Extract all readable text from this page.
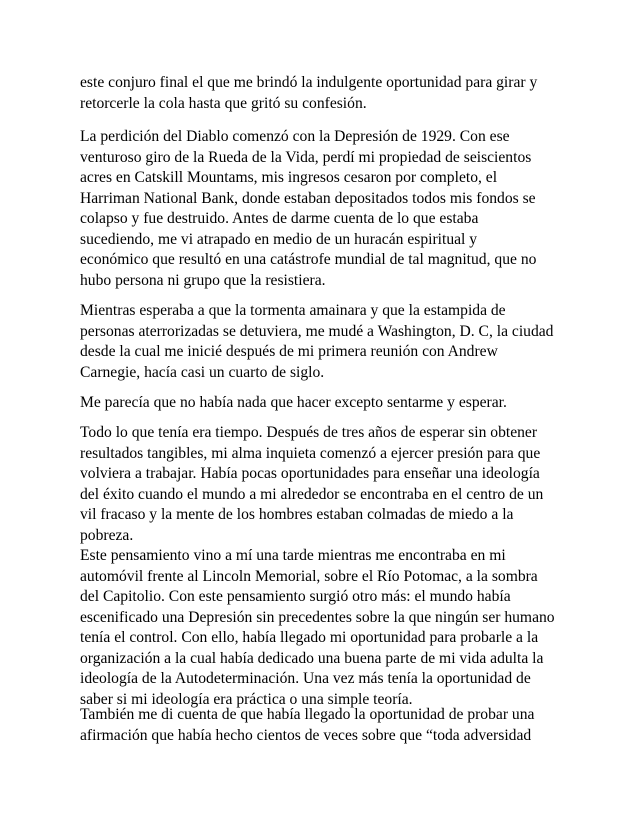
este conjuro final el que me brindó la indulgente oportunidad para girar y
retorcerle la cola hasta que gritó su confesión.

La perdición del Diablo comenzó con la Depresión de 1929. Con ese
venturoso giro de la Rueda de la Vida, perdí mi propiedad de seiscientos
acres en Catskill Mountams, mis ingresos cesaron por completo, el
Harriman National Bank, donde estaban depositados todos mis fondos se
colapso y fue destruido. Antes de darme cuenta de lo que estaba
sucediendo, me vi atrapado en medio de un huracán espiritual y

económico que resultó en una catástrofe mundial de tal magnitud, que no
hubo persona ni grupo que la resistiera.

Mientras esperaba a que la tormenta amainara y que la estampida de
personas aterrorizadas se detuviera, me mudé a Washington, D. C, la ciudad
desde la cual me inicié después de mi primera reunión con Andrew
Carnegie, hacía casi un cuarto de siglo.

Me parecía que no había nada que hacer excepto sentarme y esperar.

Todo lo que tenía era tiempo. Después de tres años de esperar sin obtener
resultados tangibles, mi alma inquieta comenzó a ejercer presión para que
volviera a trabajar. Había pocas oportunidades para enseñar una ideología
del éxito cuando el mundo a mi alrededor se encontraba en el centro de un
vil fracaso y la mente de los hombres estaban colmadas de miedo a la
pobreza.

Este pensamiento vino a mí una tarde mientras me encontraba en mi
automóvil frente al Lincoln Memorial, sobre el Río Potomac, a la sombra
del Capitolio. Con este pensamiento surgió otro más: el mundo había
escenificado una Depresión sin precedentes sobre la que ningún ser humano
tenía el control. Con ello, había llegado mi oportunidad para probarle a la
organización a la cual había dedicado una buena parte de mi vida adulta la
ideología de la Autodeterminación. Una vez más tenía la oportunidad de
saber si mi ideología era práctica o una simple teoría.

También me di cuenta de que había llegado la oportunidad de probar una
afirmación que había hecho cientos de veces sobre que “toda adversidad
